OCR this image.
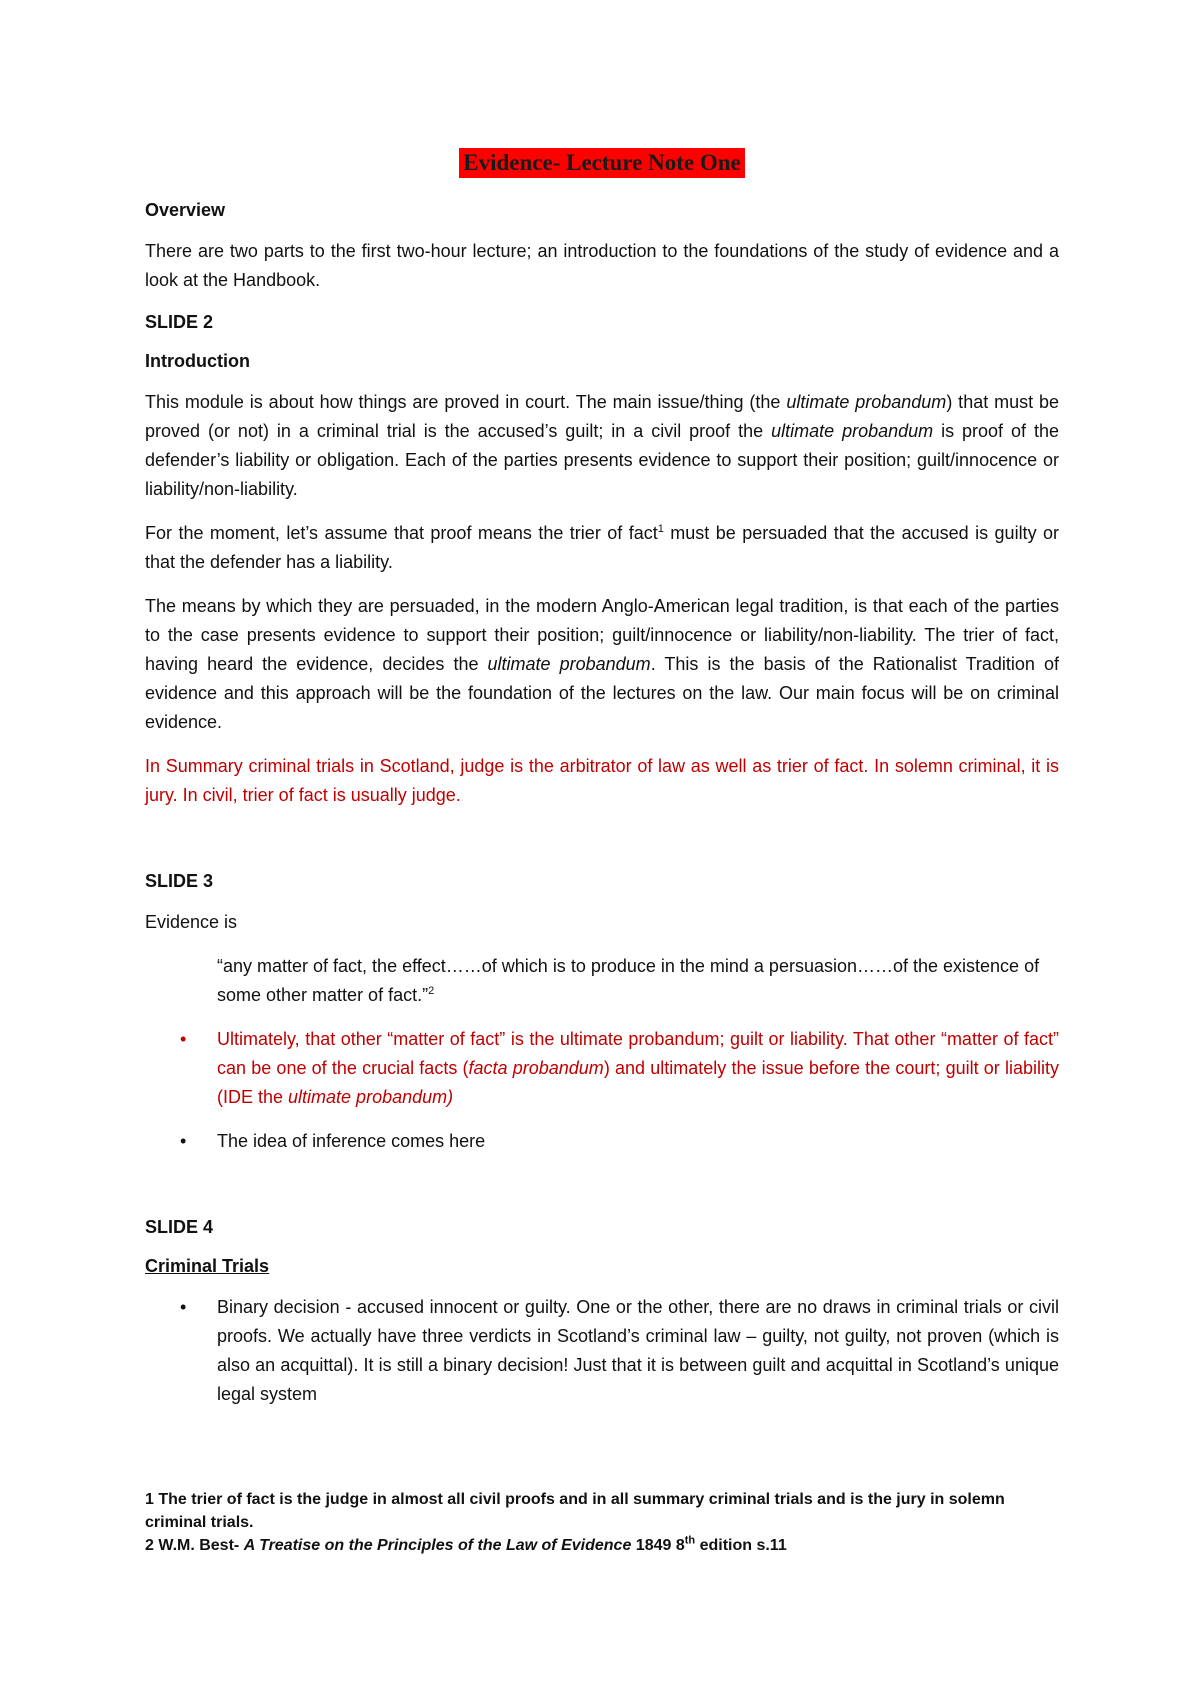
Evidence- Lecture Note One
Overview

There are two parts to the first two-hour lecture; an introduction to the foundations of the study of evidence and a look at the Handbook.

SLIDE 2
Introduction

This module is about how things are proved in court. The main issue/thing (the ultimate probandum) that must be proved (or not) in a criminal trial is the accused’s guilt; in a civil proof the ultimate probandum is proof of the defender’s liability or obligation. Each of the parties presents evidence to support their position; guilt/innocence or liability/non-liability.

For the moment, let’s assume that proof means the trier of fact$^1$ must be persuaded that the accused is guilty or that the defender has a liability.

The means by which they are persuaded, in the modern Anglo-American legal tradition, is that each of the parties to the case presents evidence to support their position; guilt/innocence or liability/non-liability. The trier of fact, having heard the evidence, decides the ultimate probandum. This is the basis of the Rationalist Tradition of evidence and this approach will be the foundation of the lectures on the law. Our main focus will be on criminal evidence.

In Summary criminal trials in Scotland, judge is the arbitrator of law as well as trier of fact. In solemn criminal, it is jury. In civil, trier of fact is usually judge.

SLIDE 3

Evidence is

“any matter of fact, the effect……of which is to produce in the mind a persuasion……of the existence of some other matter of fact.”$^2$

• Ultimately, that other “matter of fact” is the ultimate probandum; guilt or liability. That other “matter of fact” can be one of the crucial facts (facta probandum) and ultimately the issue before the court; guilt or liability (IDE the ultimate probandum)
• The idea of inference comes here
SLIDE 4
Criminal Trials
• Binary decision - accused innocent or guilty. One or the other, there are no draws in criminal trials or civil proofs. We actually have three verdicts in Scotland’s criminal law – guilty, not guilty, not proven (which is also an acquittal). It is still a binary decision! Just that it is between guilt and acquittal in Scotland’s unique legal system
1 The trier of fact is the judge in almost all civil proofs and in all summary criminal trials and is the jury in solemn criminal trials.
2 W.M. Best- A Treatise on the Principles of the Law of Evidence 1849 8th edition s.11
